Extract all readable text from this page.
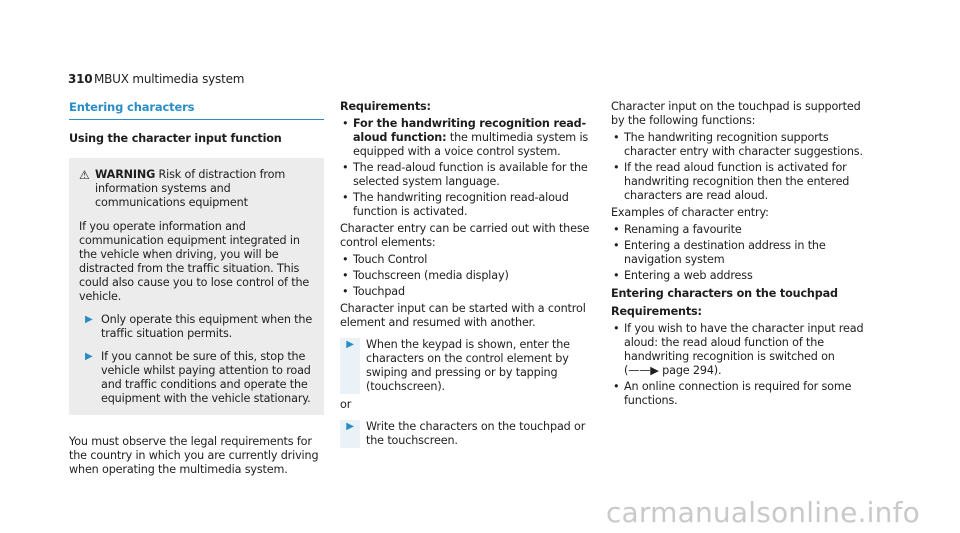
310 MBUX multimedia system
Entering characters
Using the character input function
⚠ WARNING Risk of distraction from information systems and communications equipment

If you operate information and communication equipment integrated in the vehicle when driving, you will be distracted from the traffic situation. This could also cause you to lose control of the vehicle.

▶ Only operate this equipment when the traffic situation permits.

▶ If you cannot be sure of this, stop the vehicle whilst paying attention to road and traffic conditions and operate the equipment with the vehicle stationary.

You must observe the legal requirements for the country in which you are currently driving when operating the multimedia system.

Requirements:

• For the handwriting recognition read-aloud function: the multimedia system is equipped with a voice control system.
• The read-aloud function is available for the selected system language.
• The handwriting recognition read-aloud function is activated.

Character entry can be carried out with these control elements:

• Touch Control
• Touchscreen (media display)
• Touchpad

Character input can be started with a control element and resumed with another.

▶ When the keypad is shown, enter the characters on the control element by swiping and pressing or by tapping (touchscreen).

or

▶ Write the characters on the touchpad or the touchscreen.

Character input on the touchpad is supported by the following functions:

• The handwriting recognition supports character entry with character suggestions.
• If the read aloud function is activated for handwriting recognition then the entered characters are read aloud.

Examples of character entry:

• Renaming a favourite
• Entering a destination address in the navigation system
• Entering a web address

Entering characters on the touchpad

Requirements:

• If you wish to have the character input read aloud: the read aloud function of the handwriting recognition is switched on
(——▶ page 294).
• An online connection is required for some functions.
carmanualsonline.info
